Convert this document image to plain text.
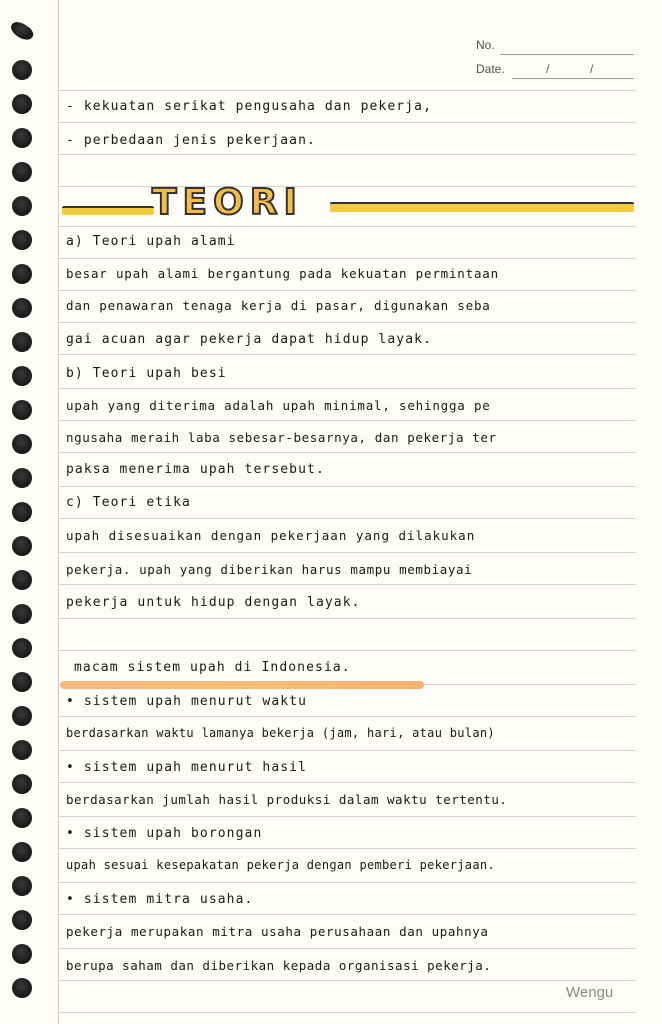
No.
Date.	/	/
TEORI
- kekuatan serikat pengusaha dan pekerja,
- perbedaan jenis pekerjaan.
a) Teori upah alami
besar upah alami bergantung pada kekuatan permintaan
dan penawaran tenaga kerja di pasar, digunakan seba
gai acuan agar pekerja dapat hidup layak.
b) Teori upah besi
upah yang diterima adalah upah minimal, sehingga pe
ngusaha meraih laba sebesar-besarnya, dan pekerja ter
paksa menerima upah tersebut.
c) Teori etika
upah disesuaikan dengan pekerjaan yang dilakukan
pekerja. upah yang diberikan harus mampu membiayai
pekerja untuk hidup dengan layak.
macam sistem upah di Indonesia.
• sistem upah menurut waktu
berdasarkan waktu lamanya bekerja (jam, hari, atau bulan)
• sistem upah menurut hasil
berdasarkan jumlah hasil produksi dalam waktu tertentu.
• sistem upah borongan
upah sesuai kesepakatan pekerja dengan pemberi pekerjaan.
• sistem mitra usaha.
pekerja merupakan mitra usaha perusahaan dan upahnya
berupa saham dan diberikan kepada organisasi pekerja.
Wengu
